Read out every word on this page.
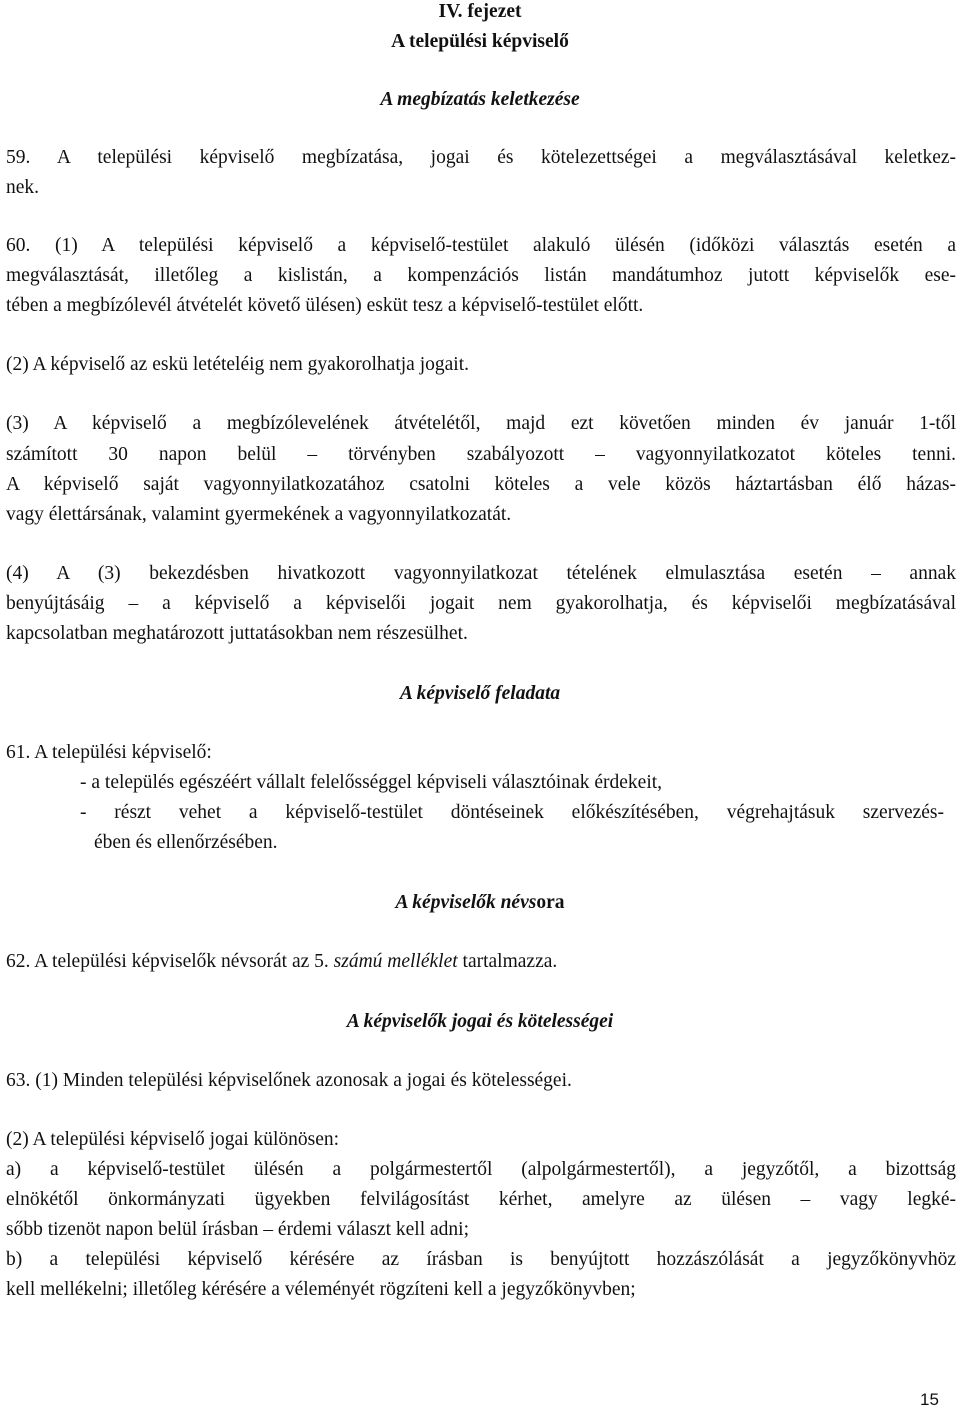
IV. fejezet
A települési képviselő
A megbízatás keletkezése
59. A települési képviselő megbízatása, jogai és kötelezettségei a megválasztásával keletkez-
nek.
60. (1) A települési képviselő a képviselő-testület alakuló ülésén (időközi választás esetén a
megválasztását, illetőleg a kislistán, a kompenzációs listán mandátumhoz jutott képviselők ese-
tében a megbízólevél átvételét követő ülésen) esküt tesz a képviselő-testület előtt.
(2) A képviselő az eskü letételéig nem gyakorolhatja jogait.
(3) A képviselő a megbízólevelének átvételétől, majd ezt követően minden év január 1-től
számított 30 napon belül – törvényben szabályozott – vagyonnyilatkozatot köteles tenni.
A képviselő saját vagyonnyilatkozatához csatolni köteles a vele közös háztartásban élő házas-
vagy élettársának, valamint gyermekének a vagyonnyilatkozatát.
(4) A (3) bekezdésben hivatkozott vagyonnyilatkozat tételének elmulasztása esetén – annak
benyújtásáig – a képviselő a képviselői jogait nem gyakorolhatja, és képviselői megbízatásával
kapcsolatban meghatározott juttatásokban nem részesülhet.
A képviselő feladata
61. A települési képviselő:
- a település egészéért vállalt felelősséggel képviseli választóinak érdekeit,
- részt vehet a képviselő-testület döntéseinek előkészítésében, végrehajtásuk szervezés-
ében és ellenőrzésében.
A képviselők névsora
62. A települési képviselők névsorát az 5. számú melléklet tartalmazza.
A képviselők jogai és kötelességei
63. (1) Minden települési képviselőnek azonosak a jogai és kötelességei.
(2) A települési képviselő jogai különösen:
a) a képviselő-testület ülésén a polgármestertől (alpolgármestertől), a jegyzőtől, a bizottság
elnökétől önkormányzati ügyekben felvilágosítást kérhet, amelyre az ülésen – vagy legké-
sőbb tizenöt napon belül írásban – érdemi választ kell adni;
b) a települési képviselő kérésére az írásban is benyújtott hozzászólását a jegyzőkönyvhöz
kell mellékelni; illetőleg kérésére a véleményét rögzíteni kell a jegyzőkönyvben;
15
